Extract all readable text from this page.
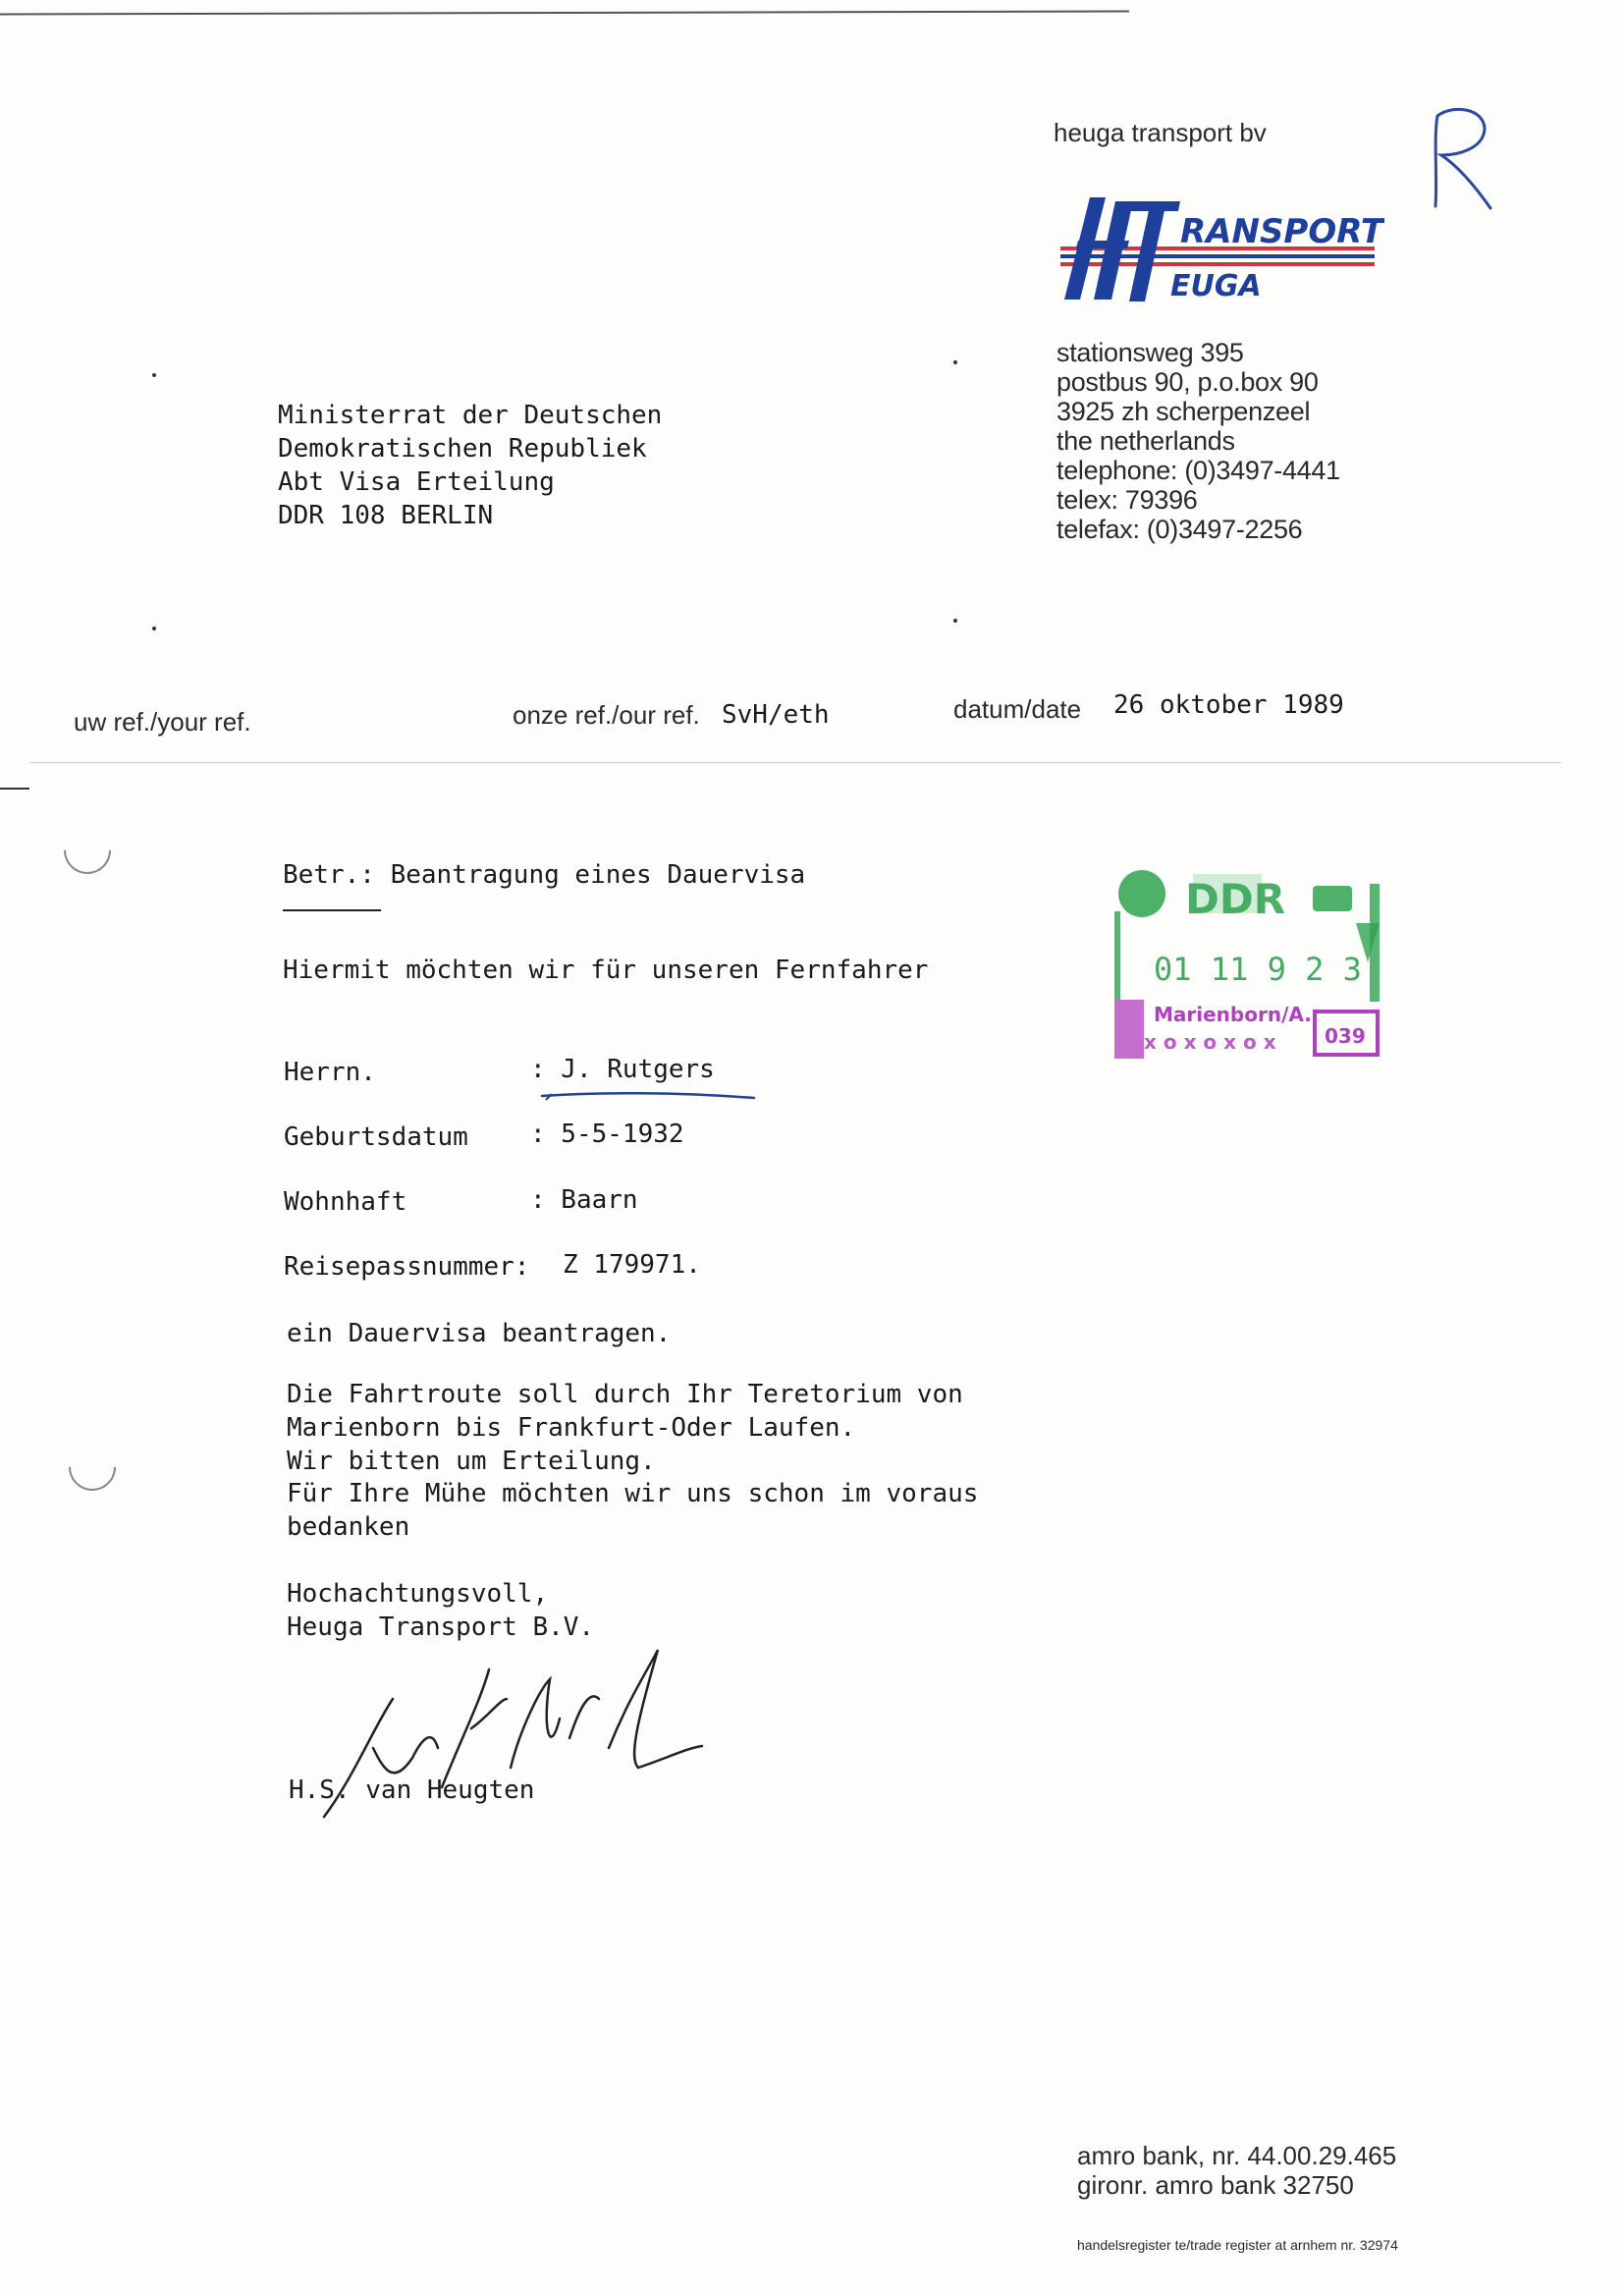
heuga transport bv
RANSPORT
EUGA
stationsweg 395
postbus 90, p.o.box 90
3925 zh scherpenzeel
the netherlands
telephone: (0)3497-4441
telex: 79396
telefax: (0)3497-2256
Ministerrat der Deutschen
Demokratischen Republiek
Abt Visa Erteilung
DDR 108 BERLIN
uw ref./your ref.	onze ref./our ref. SvH/eth	datum/date 26 oktober 1989
Betr.: Beantragung eines Dauervisa
Hiermit möchten wir für unseren Fernfahrer
Herrn.	: J. Rutgers
Geburtsdatum : 5-5-1932
Wohnhaft	: Baarn
Reisepassnummer: Z 179971.
ein Dauervisa beantragen.
Die Fahrtroute soll durch Ihr Teretorium von
Marienborn bis Frankfurt-Oder Laufen.
Wir bitten um Erteilung.
Für Ihre Mühe möchten wir uns schon im voraus
bedanken
Hochachtungsvoll,
Heuga Transport B.V.
H.S. van Heugten
DDR
01 11 9 2 3
Marienborn/A.
x o x o x o x 039
amro bank, nr. 44.00.29.465
gironr. amro bank 32750
handelsregister te/trade register at arnhem nr. 32974
